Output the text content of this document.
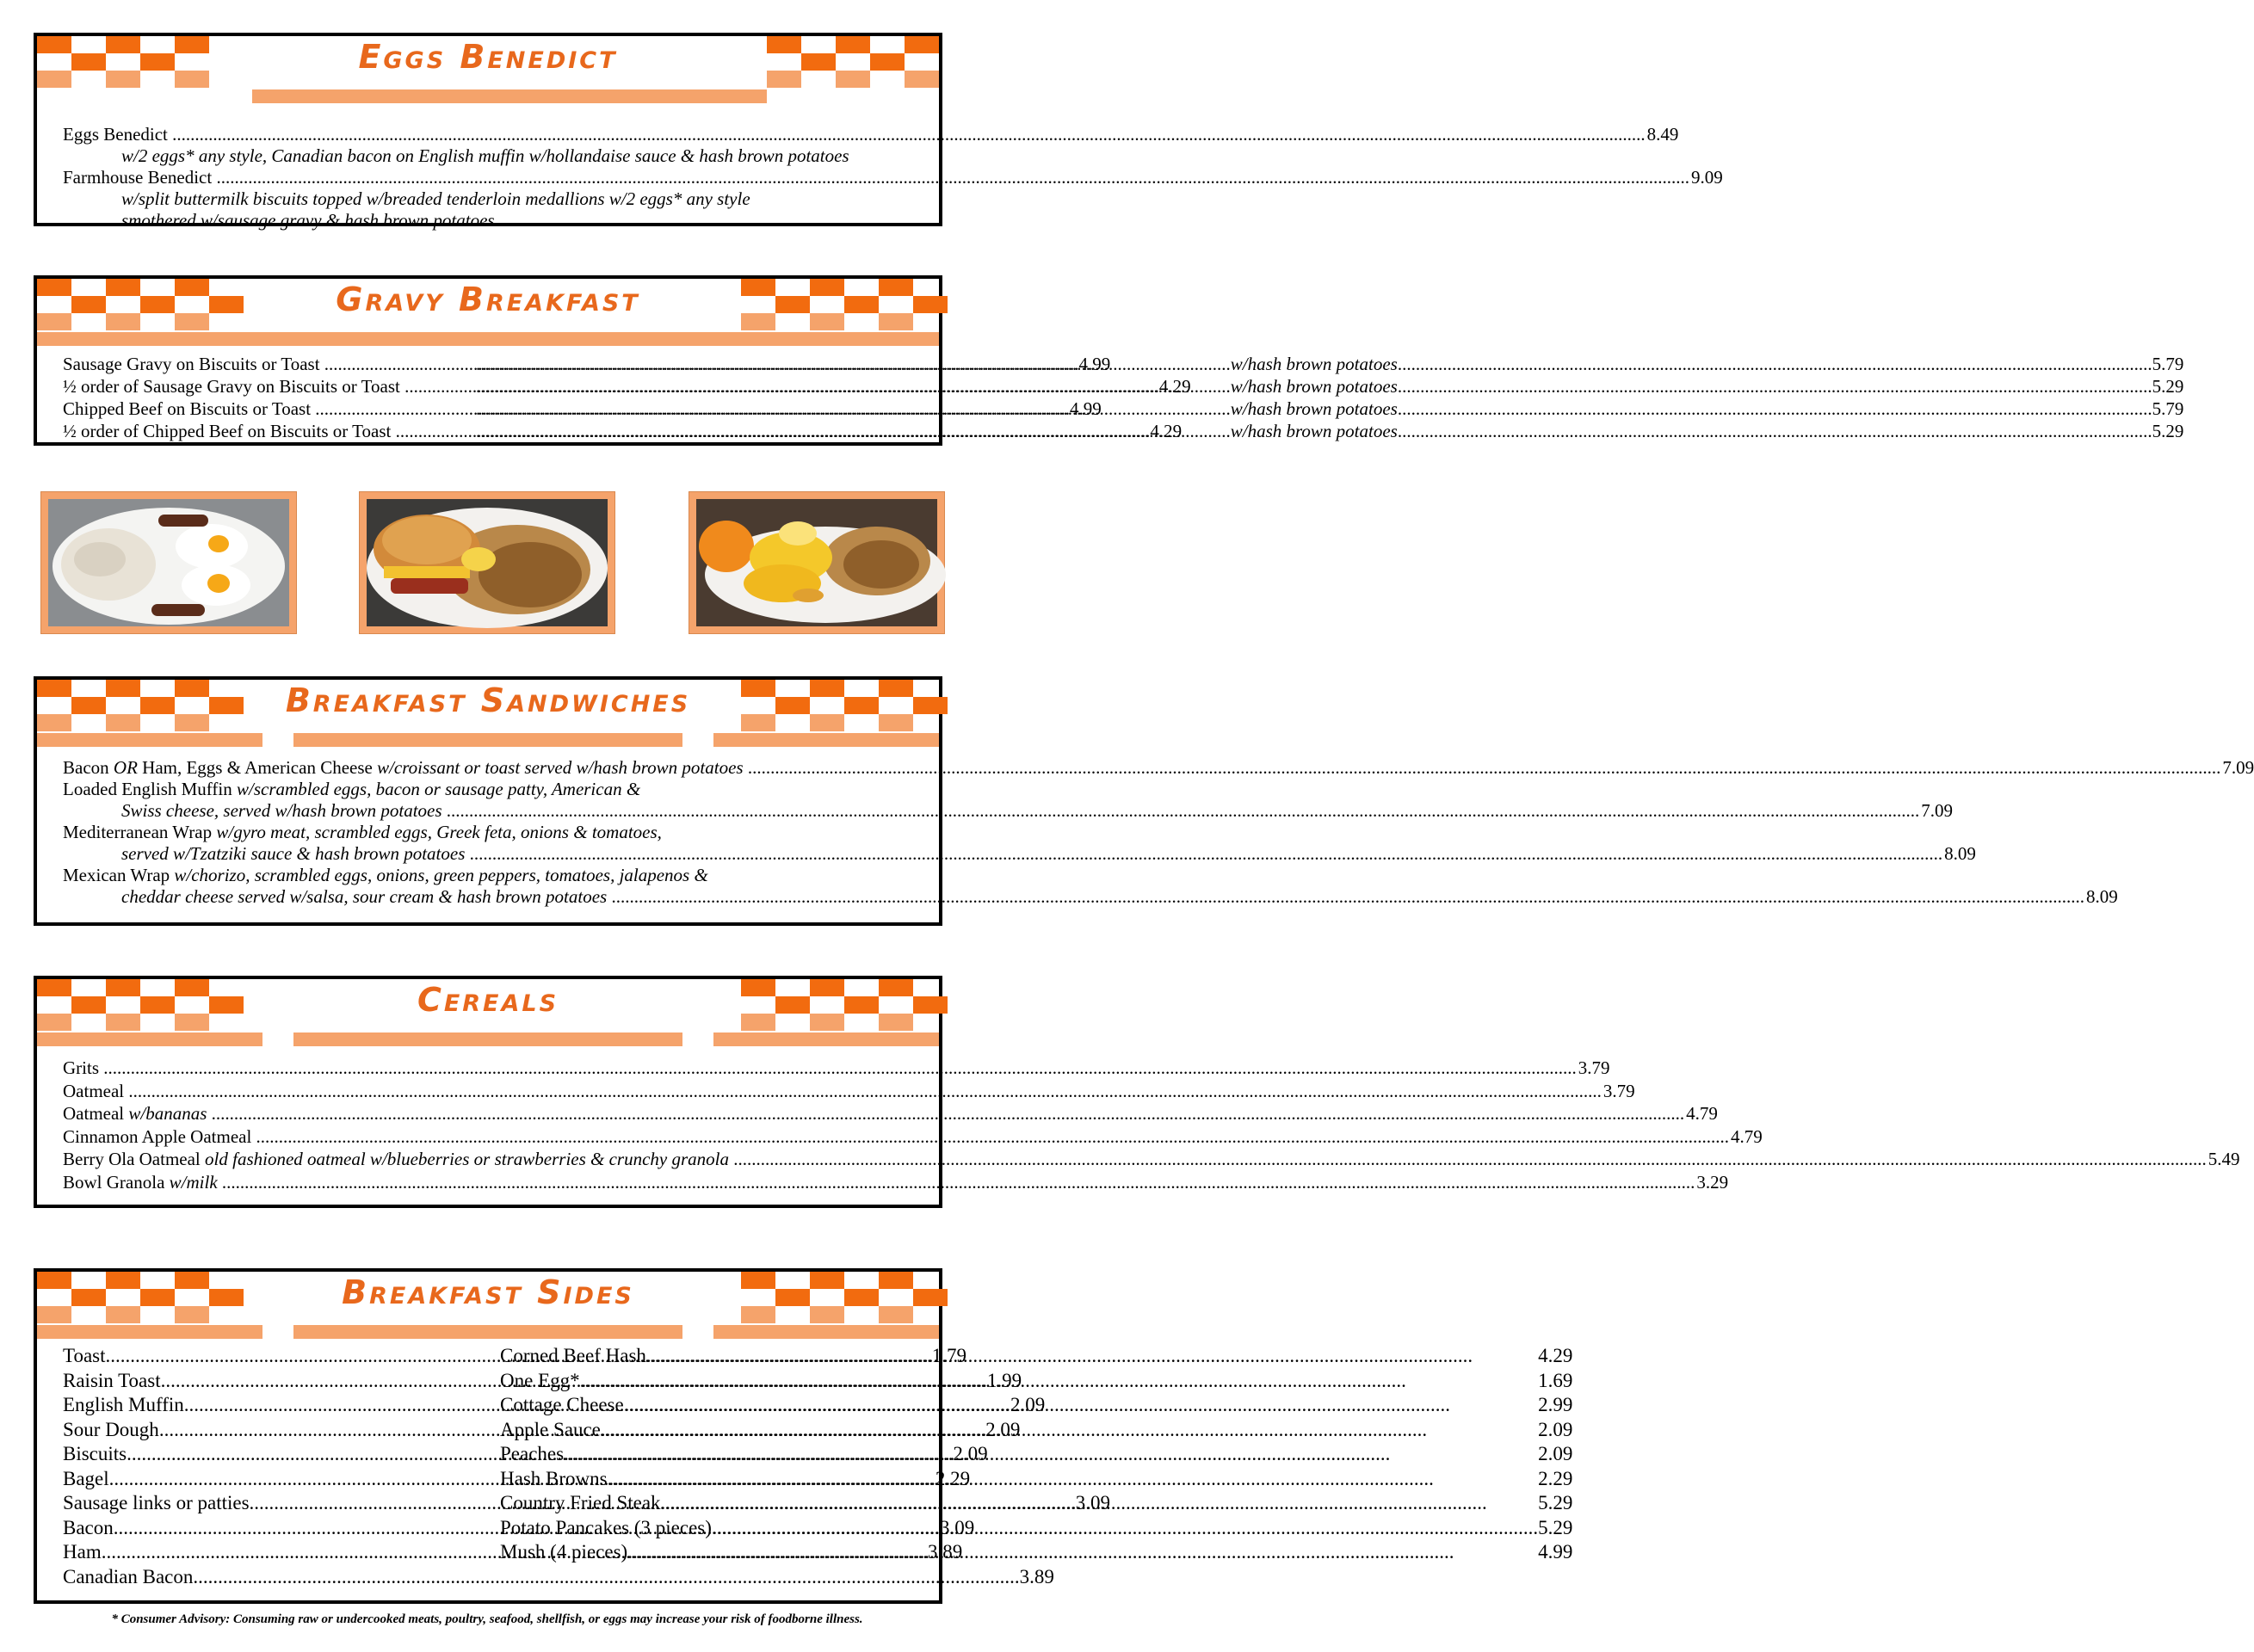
Eggs Benedict
Eggs Benedict .....	8.49
w/2 eggs* any style, Canadian bacon on English muffin w/hollandaise sauce & hash brown potatoes
Farmhouse Benedict .....	9.09
w/split buttermilk biscuits topped w/breaded tenderloin medallions w/2 eggs* any style
smothered w/sausage gravy & hash brown potatoes
Gravy Breakfast
Sausage Gravy on Biscuits or Toast .....	4.99 .....	w/hash brown potatoes .....	5.79
½ order of Sausage Gravy on Biscuits or Toast .....	4.29 ..... w/hash brown potatoes .....	5.29
Chipped Beef on Biscuits or Toast .....	4.99 .....	w/hash brown potatoes .....	5.79
½ order of Chipped Beef on Biscuits or Toast .....	4.29 .....	w/hash brown potatoes .....	5.29
Breakfast Sandwiches
Bacon OR Ham, Eggs & American Cheese w/croissant or toast served w/hash brown potatoes .....	7.09
Loaded English Muffin w/scrambled eggs, bacon or sausage patty, American &
Swiss cheese, served w/hash brown potatoes .....	7.09
Mediterranean Wrap w/gyro meat, scrambled eggs, Greek feta, onions & tomatoes,
served w/Tzatziki sauce & hash brown potatoes .....	8.09
Mexican Wrap w/chorizo, scrambled eggs, onions, green peppers, tomatoes, jalapenos &
cheddar cheese served w/salsa, sour cream & hash brown potatoes .....	8.09
Cereals
Grits .....	3.79
Oatmeal .....	3.79
Oatmeal w/bananas .....	4.79
Cinnamon Apple Oatmeal .....	4.79
Berry Ola Oatmeal old fashioned oatmeal w/blueberries or strawberries & crunchy granola .....	5.49
Bowl Granola w/milk .....	3.29
Breakfast Sides
Toast .....	1.79
Raisin Toast .....	1.99
English Muffin .....	2.09
Sour Dough .....	2.09
Biscuits .....	2.09
Bagel .....	2.29
Sausage links or patties .....	3.09
Bacon .....	3.09
Ham .....	3.89
Canadian Bacon .....	3.89
Corned Beef Hash .....	4.29
One Egg* .....	1.69
Cottage Cheese .....	2.99
Apple Sauce .....	2.09
Peaches .....	2.09
Hash Browns .....	2.29
Country Fried Steak .....	5.29
Potato Pancakes (3 pieces) .....	5.29
Mush (4 pieces) .....	4.99
* Consumer Advisory: Consuming raw or undercooked meats, poultry, seafood, shellfish, or eggs may increase your risk of foodborne illness.
